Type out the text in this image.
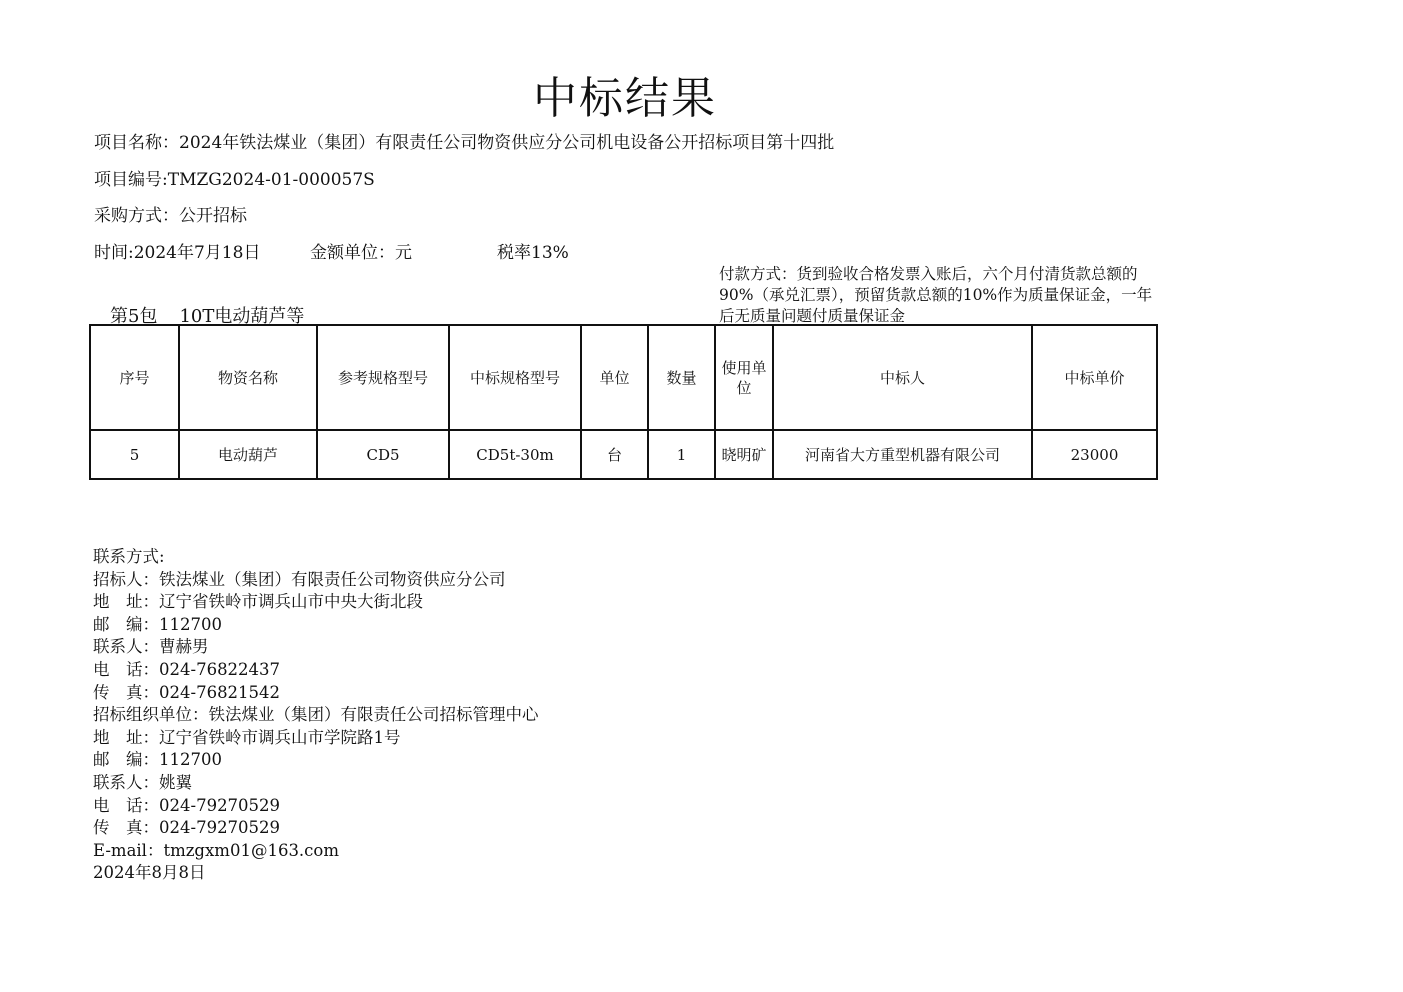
中标结果
项目名称：2024年铁法煤业（集团）有限责任公司物资供应分公司机电设备公开招标项目第十四批
项目编号:TMZG2024-01-000057S
采购方式：公开招标
时间:2024年7月18日	金额单位：元	税率13%
付款方式：货到验收合格发票入账后，六个月付清货款总额的90%（承兑汇票），预留货款总额的10%作为质量保证金，一年后无质量问题付质量保证金
第5包 10T电动葫芦等
序号	物资名称	参考规格型号	中标规格型号	单位	数量	使用单位	中标人	中标单价
5	电动葫芦	CD5	CD5t-30m	台	1	晓明矿	河南省大方重型机器有限公司	23000
联系方式:
招标人：铁法煤业（集团）有限责任公司物资供应分公司
地　址：辽宁省铁岭市调兵山市中央大街北段
邮　编：112700
联系人：曹赫男
电　话：024-76822437
传　真：024-76821542
招标组织单位：铁法煤业（集团）有限责任公司招标管理中心
地　址：辽宁省铁岭市调兵山市学院路1号
邮　编：112700
联系人：姚翼
电　话：024-79270529
传　真：024-79270529
E-mail：tmzgxm01@163.com
2024年8月8日
